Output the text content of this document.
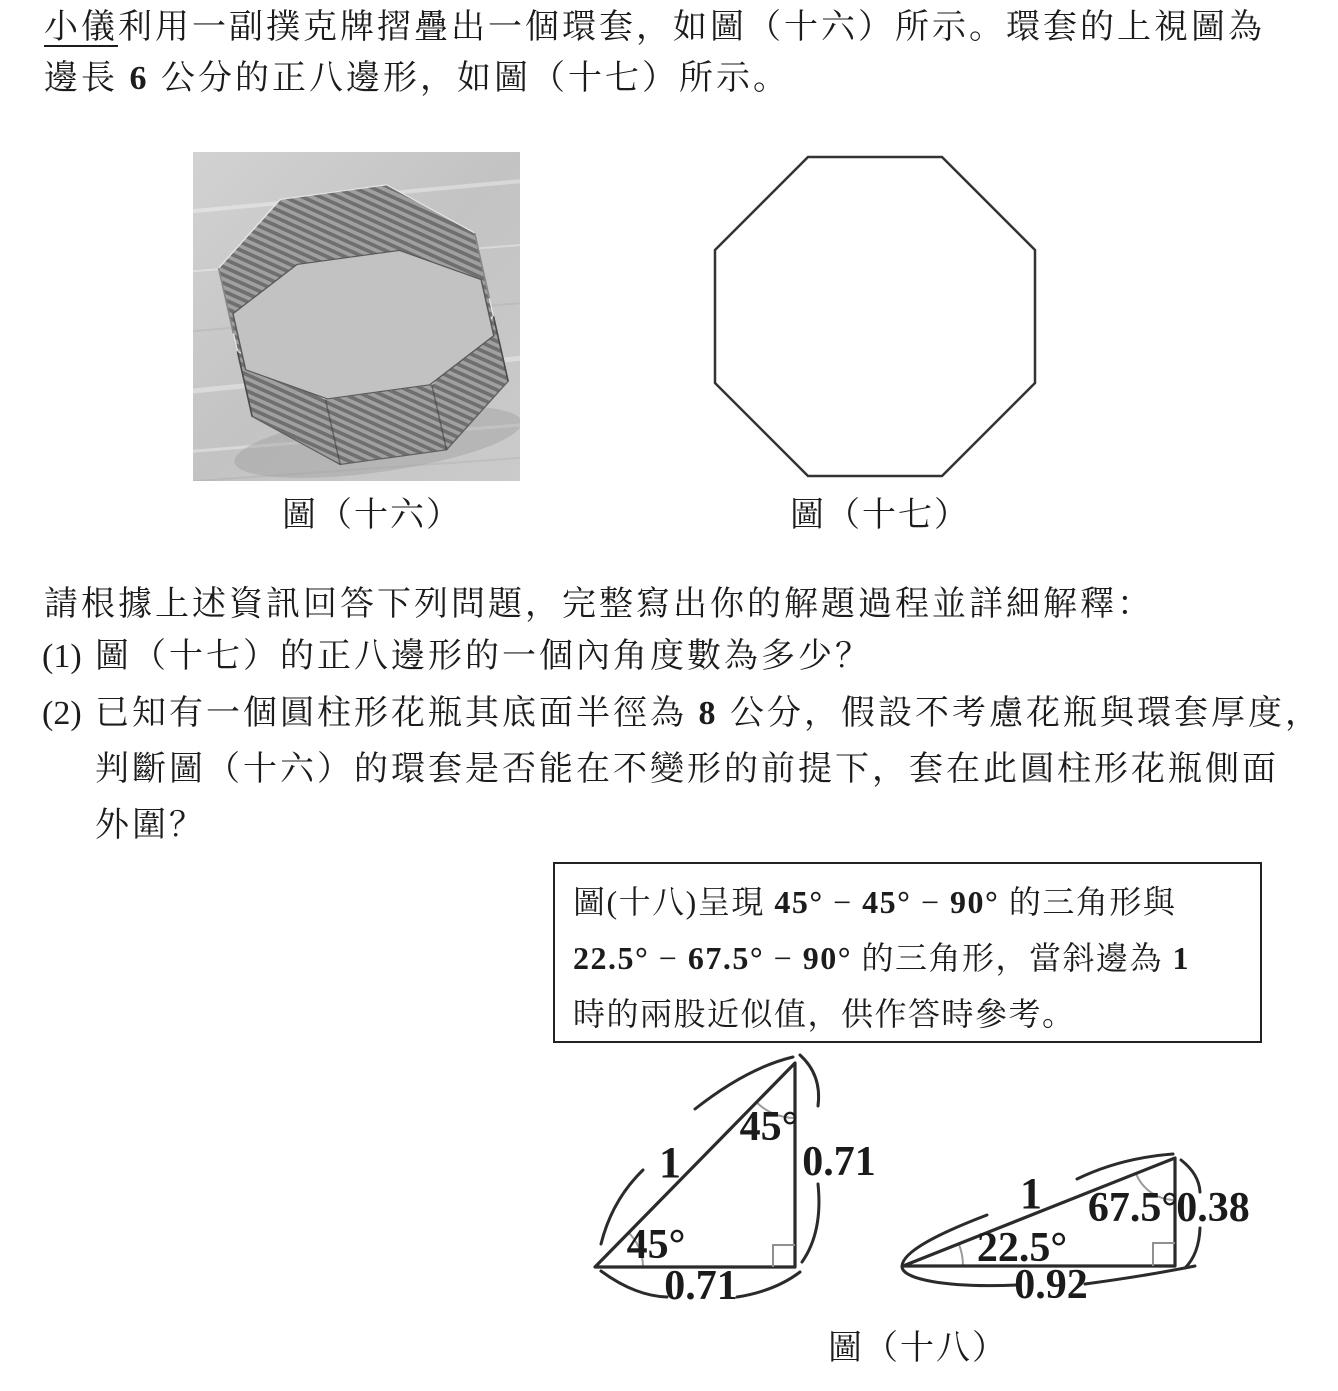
小儀利用一副撲克牌摺疊出一個環套，如圖（十六）所示。環套的上視圖為
邊長 6 公分的正八邊形，如圖（十七）所示。
圖（十六）	圖（十七）
請根據上述資訊回答下列問題，完整寫出你的解題過程並詳細解釋：
(1) 圖（十七）的正八邊形的一個內角度數為多少？
(2) 已知有一個圓柱形花瓶其底面半徑為 8 公分，假設不考慮花瓶與環套厚度，
判斷圖（十六）的環套是否能在不變形的前提下，套在此圓柱形花瓶側面
外圍？
圖(十八)呈現 45° − 45° − 90° 的三角形與
22.5° − 67.5° − 90° 的三角形，當斜邊為 1
時的兩股近似值，供作答時參考。
1
45°
45°
0.71
0.71
1 67.5°
22.5°
0.38
0.92
圖（十八）
